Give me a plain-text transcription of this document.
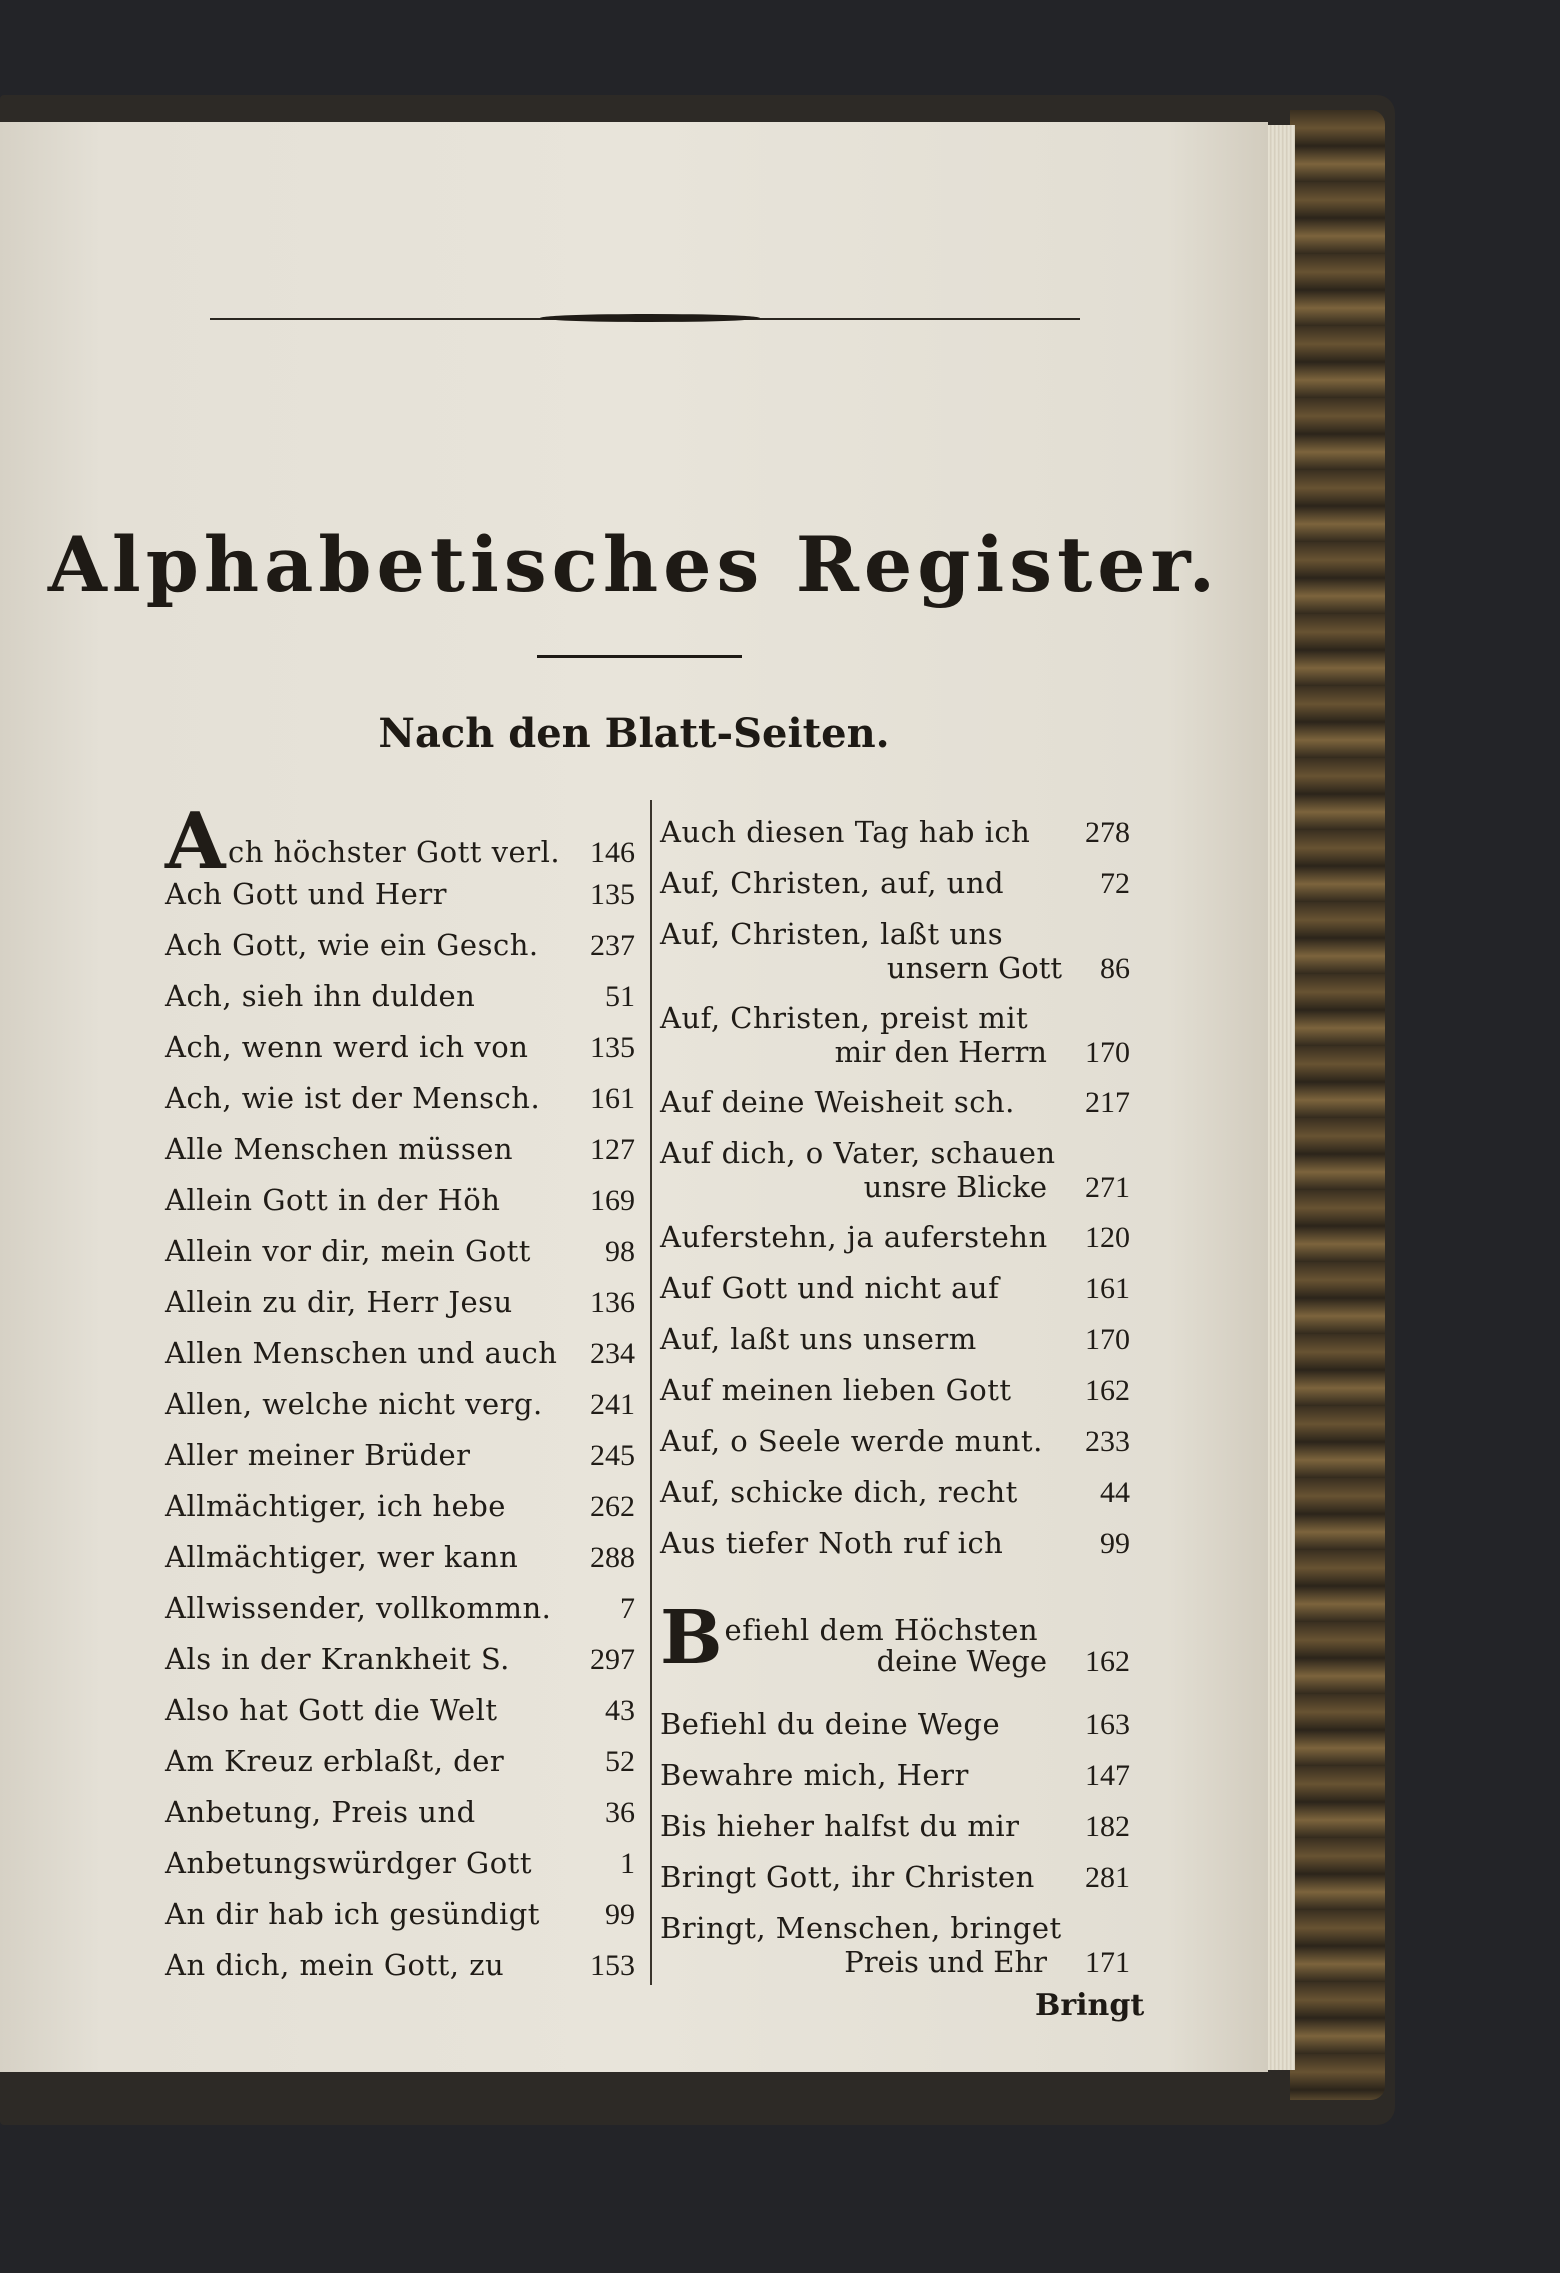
Alphabetisches Register.
Nach den Blatt-Seiten.
Ach höchster Gott verl. 146
Ach Gott und Herr	135
Ach Gott, wie ein Gesch. 237
Ach, sieh ihn dulden	51
Ach, wenn werd ich von 135
Ach, wie ist der Mensch. 161
Alle Menschen müssen	127
Allein Gott in der Höh	169
Allein vor dir, mein Gott 98
Allein zu dir, Herr Jesu	136
Allen Menschen und auch 234
Allen, welche nicht verg. 241
Aller meiner Brüder	245
Allmächtiger, ich hebe	262
Allmächtiger, wer kann 288
Allwissender, vollkommn. 7
Als in der Krankheit S.	297
Also hat Gott die Welt	43
Am Kreuz erblaßt, der	52
Anbetung, Preis und	36
Anbetungswürdger Gott	1
An dir hab ich gesündigt 99
An dich, mein Gott, zu	153
Auch diesen Tag hab ich 278
Auf, Christen, auf, und	72
Auf, Christen, laßt uns
unsern Gott 86
Auf, Christen, preist mit
mir den Herrn 170
Auf deine Weisheit sch. 217
Auf dich, o Vater, schauen
unsre Blicke 271
Auferstehn, ja auferstehn 120
Auf Gott und nicht auf	161
Auf, laßt uns unserm	170
Auf meinen lieben Gott 162
Auf, o Seele werde munt. 233
Auf, schicke dich, recht	44
Aus tiefer Noth ruf ich	99
B efiehl dem Höchsten
deine Wege 162
Befiehl du deine Wege	163
Bewahre mich, Herr	147
Bis hieher halfst du mir 182
Bringt Gott, ihr Christen 281
Bringt, Menschen, bringet
Preis und Ehr 171
Bringt
